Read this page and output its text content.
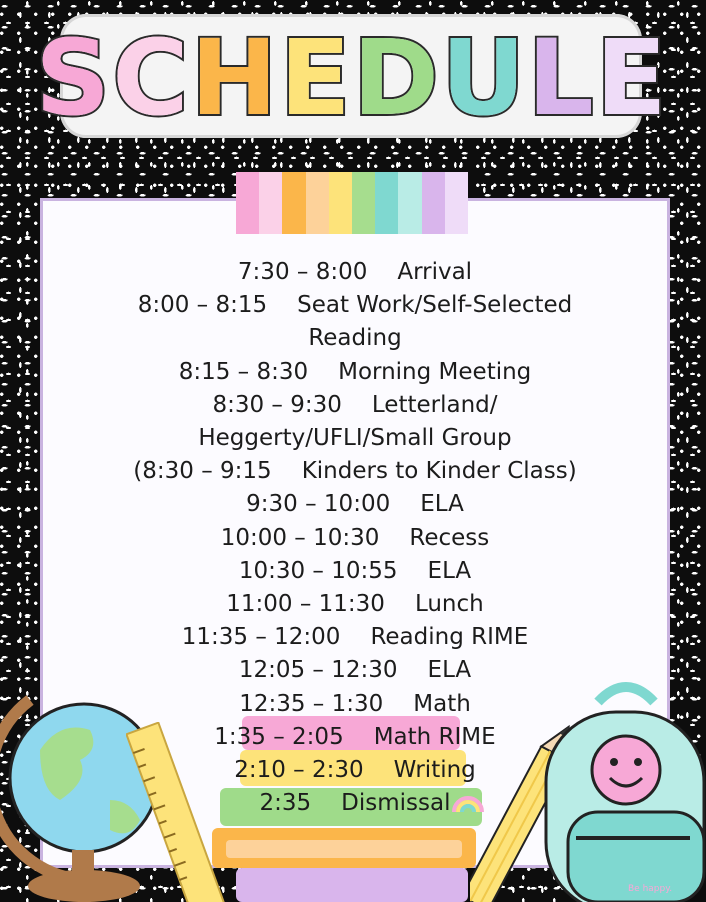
S C H E D U L E
7:30 – 8:00 Arrival
8:00 – 8:15 Seat Work/Self-Selected Reading
8:15 – 8:30 Morning Meeting
8:30 – 9:30 Letterland/ Heggerty/UFLI/Small Group
(8:30 – 9:15 Kinders to Kinder Class)
9:30 – 10:00 ELA
10:00 – 10:30 Recess
10:30 – 10:55 ELA
11:00 – 11:30 Lunch
11:35 – 12:00 Reading RIME
12:05 – 12:30 ELA
12:35 – 1:30 Math
1:35 – 2:05 Math RIME
2:10 – 2:30 Writing
2:35 Dismissal
Be happy.
